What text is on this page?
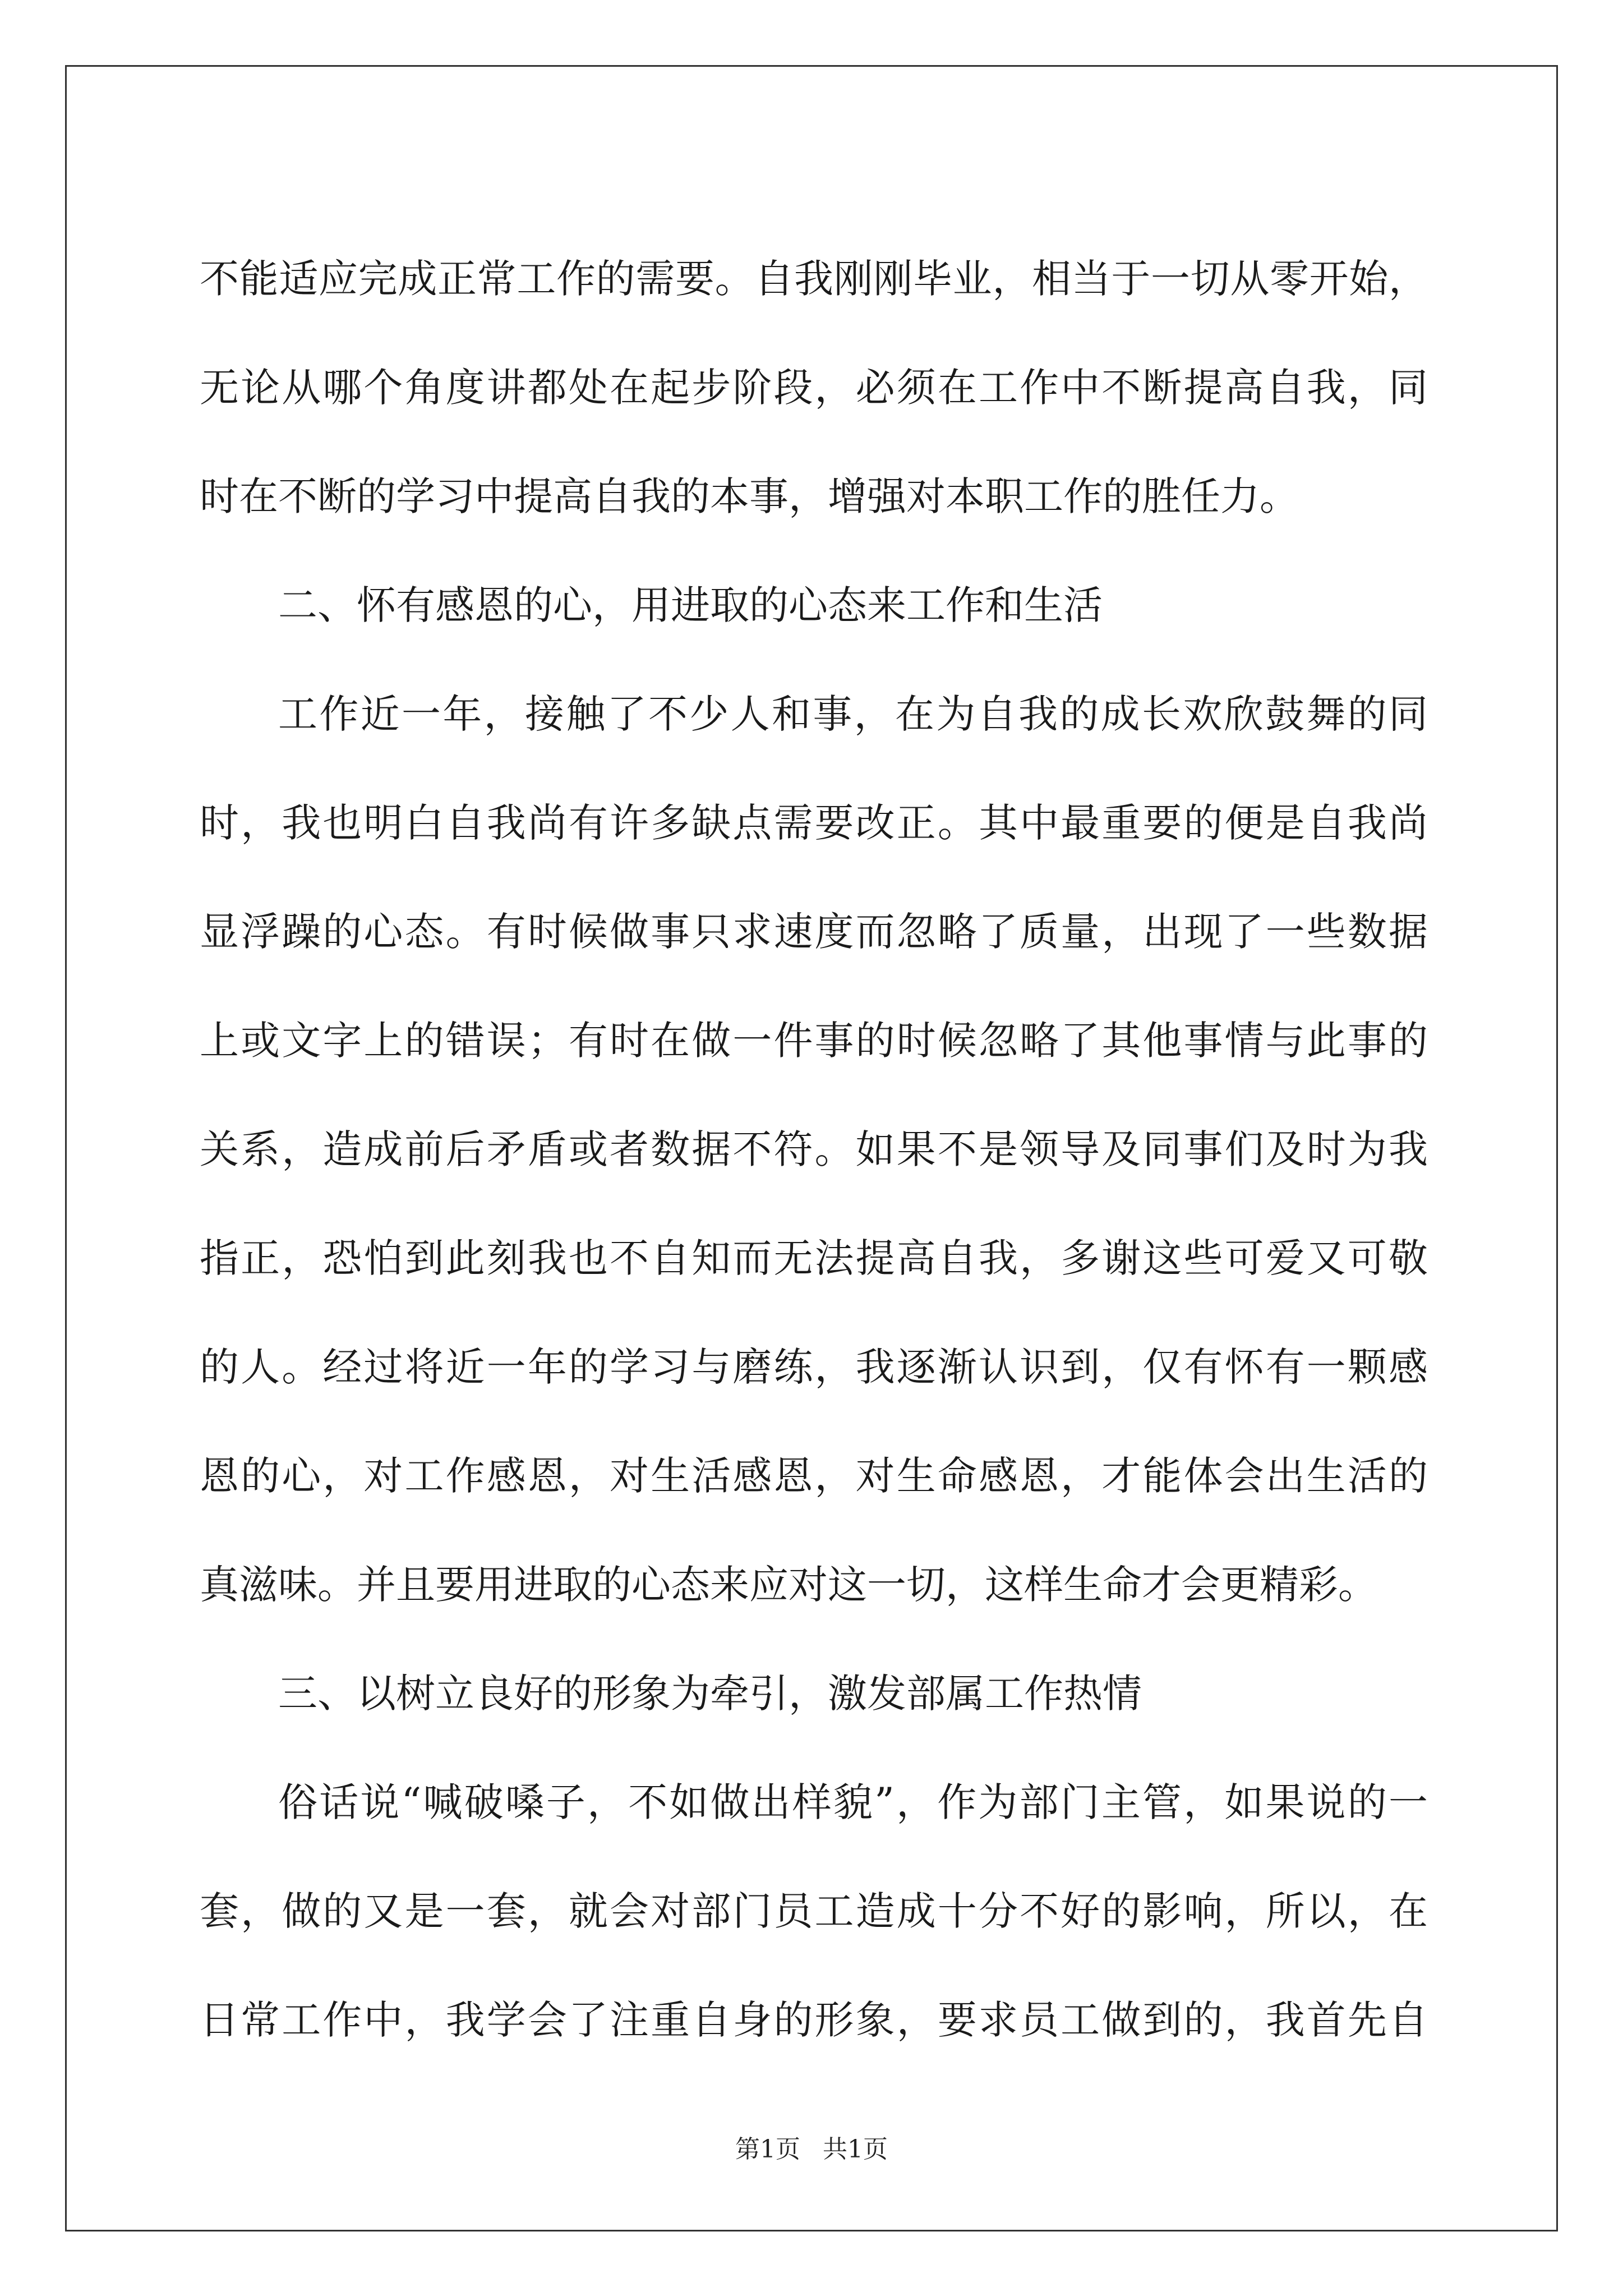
不能适应完成正常工作的需要。自我刚刚毕业，相当于一切从零开始，

无论从哪个角度讲都处在起步阶段，必须在工作中不断提高自我，同

时在不断的学习中提高自我的本事，增强对本职工作的胜任力。

二、怀有感恩的心，用进取的心态来工作和生活

工作近一年，接触了不少人和事，在为自我的成长欢欣鼓舞的同

时，我也明白自我尚有许多缺点需要改正。其中最重要的便是自我尚

显浮躁的心态。有时候做事只求速度而忽略了质量，出现了一些数据

上或文字上的错误；有时在做一件事的时候忽略了其他事情与此事的

关系，造成前后矛盾或者数据不符。如果不是领导及同事们及时为我

指正，恐怕到此刻我也不自知而无法提高自我，多谢这些可爱又可敬

的人。经过将近一年的学习与磨练，我逐渐认识到，仅有怀有一颗感

恩的心，对工作感恩，对生活感恩，对生命感恩，才能体会出生活的

真滋味。并且要用进取的心态来应对这一切，这样生命才会更精彩。

三、以树立良好的形象为牵引，激发部属工作热情

俗话说“喊破嗓子，不如做出样貌”，作为部门主管，如果说的一

套，做的又是一套，就会对部门员工造成十分不好的影响，所以，在

日常工作中，我学会了注重自身的形象，要求员工做到的，我首先自

第1页 共1页
